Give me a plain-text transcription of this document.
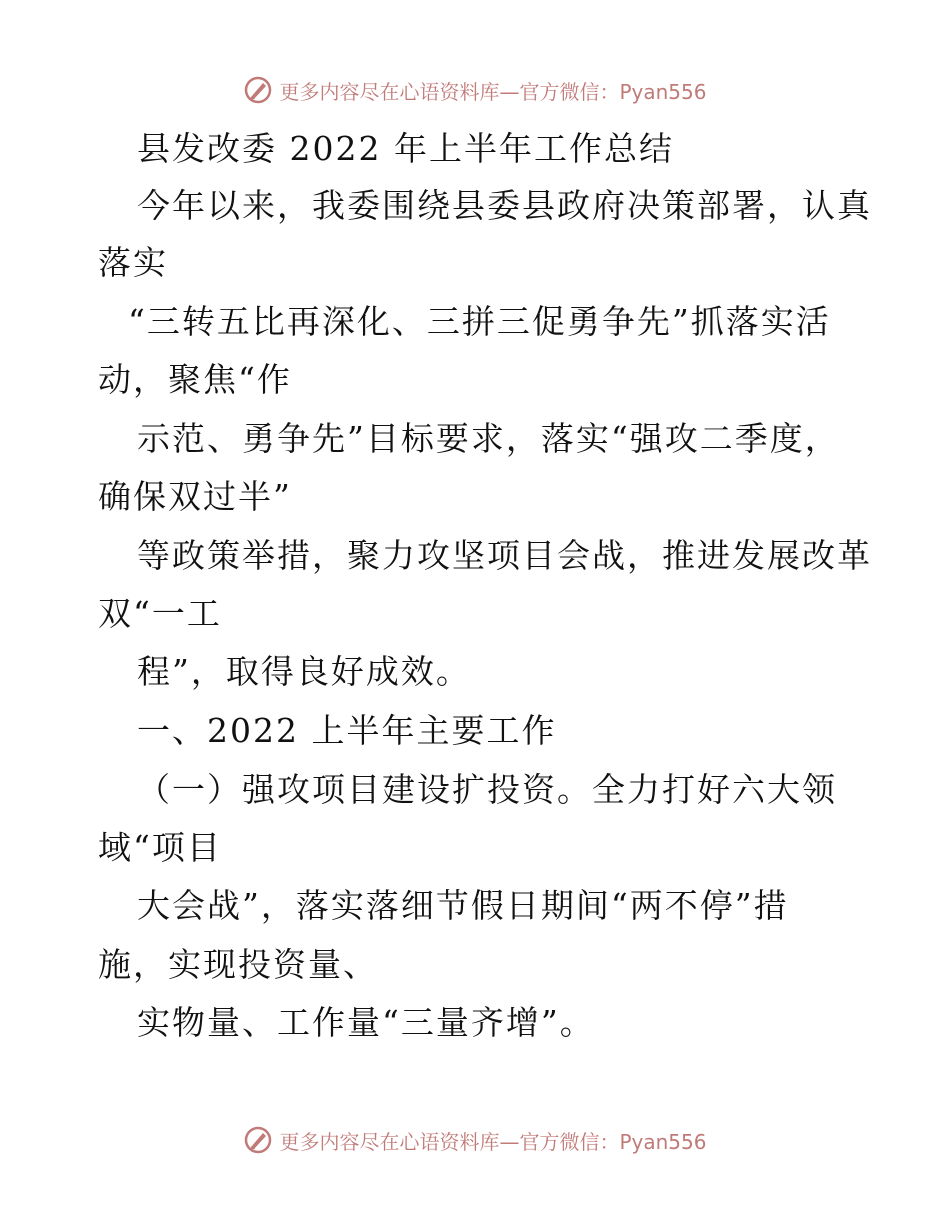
更多内容尽在心语资料库—官方微信：Pyan556
县发改委 2022 年上半年工作总结
今年以来，我委围绕县委县政府决策部署，认真
落实
“三转五比再深化、三拼三促勇争先”抓落实活
动，聚焦“作
示范、勇争先”目标要求，落实“强攻二季度，
确保双过半”
等政策举措，聚力攻坚项目会战，推进发展改革
双“一工
程”，取得良好成效。
一、2022 上半年主要工作
（一）强攻项目建设扩投资。全力打好六大领
域“项目
大会战”，落实落细节假日期间“两不停”措
施，实现投资量、
实物量、工作量“三量齐增”。
更多内容尽在心语资料库—官方微信：Pyan556
